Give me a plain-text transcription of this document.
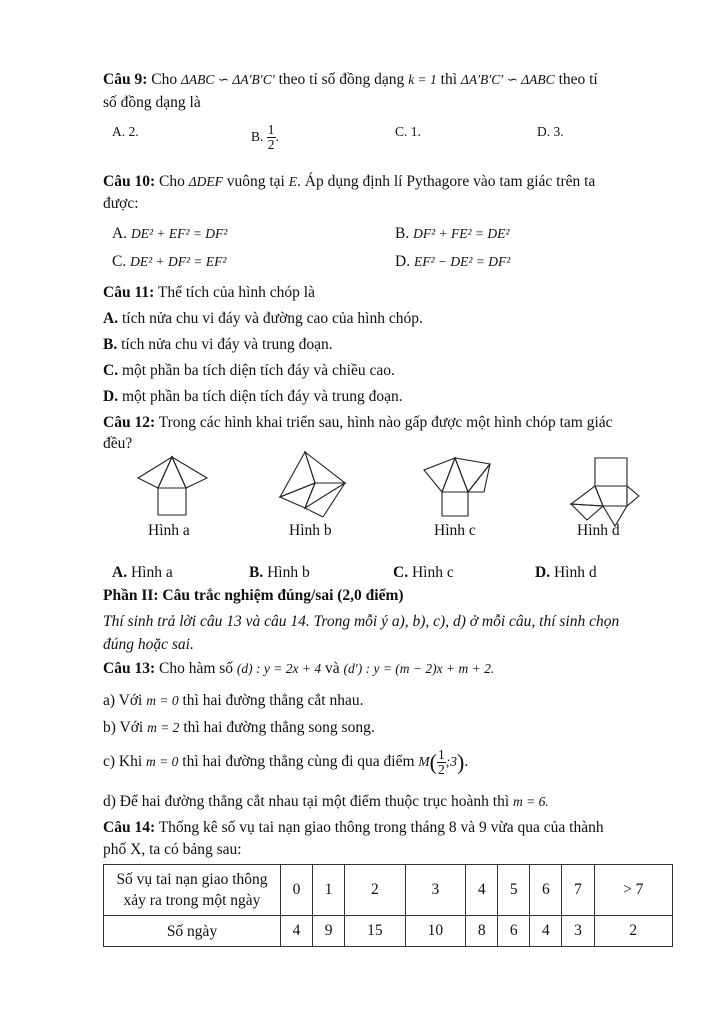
Câu 9: Cho ΔABC ∽ ΔA′B′C′ theo tỉ số đồng dạng k = 1 thì ΔA′B′C′ ∽ ΔABC theo tỉ
số đồng dạng là
A. 2.	B. $\frac{1}{2}$ .	C. 1.	D. 3.
Câu 10: Cho ΔDEF vuông tại E. Áp dụng định lí Pythagore vào tam giác trên ta
được:
A. DE² + EF² = DF²	B. DF² + FE² = DE²
C. DE² + DF² = EF²	D. EF² − DE² = DF²
Câu 11: Thể tích của hình chóp là
A. tích nửa chu vi đáy và đường cao của hình chóp.
B. tích nửa chu vi đáy và trung đoạn.
C. một phần ba tích diện tích đáy và chiều cao.
D. một phần ba tích diện tích đáy và trung đoạn.
Câu 12: Trong các hình khai triển sau, hình nào gấp được một hình chóp tam giác
đều?
Hình a	Hình b	Hình c	Hình d
A. Hình a	B. Hình b	C. Hình c	D. Hình d
Phần II: Câu trắc nghiệm đúng/sai (2,0 điểm)
Thí sinh trả lời câu 13 và câu 14. Trong mỗi ý a), b), c), d) ở mỗi câu, thí sinh chọn
đúng hoặc sai.
Câu 13: Cho hàm số (d) : y = 2x + 4 và (d′) : y = (m − 2)x + m + 2.
a) Với m = 0 thì hai đường thẳng cắt nhau.
b) Với m = 2 thì hai đường thẳng song song.
c) Khi m = 0 thì hai đường thẳng cùng đi qua điểm $M( \frac{1}{2}$ ;3).
d) Để hai đường thẳng cắt nhau tại một điểm thuộc trục hoành thì m = 6.
Câu 14: Thống kê số vụ tai nạn giao thông trong tháng 8 và 9 vừa qua của thành
phố X, ta có bảng sau:
Số vụ tai nạn giao thông
xảy ra trong một ngày	0	1	2	3	4	5	6	7	> 7
Số ngày	4	9	15	10	8	6	4	3	2
